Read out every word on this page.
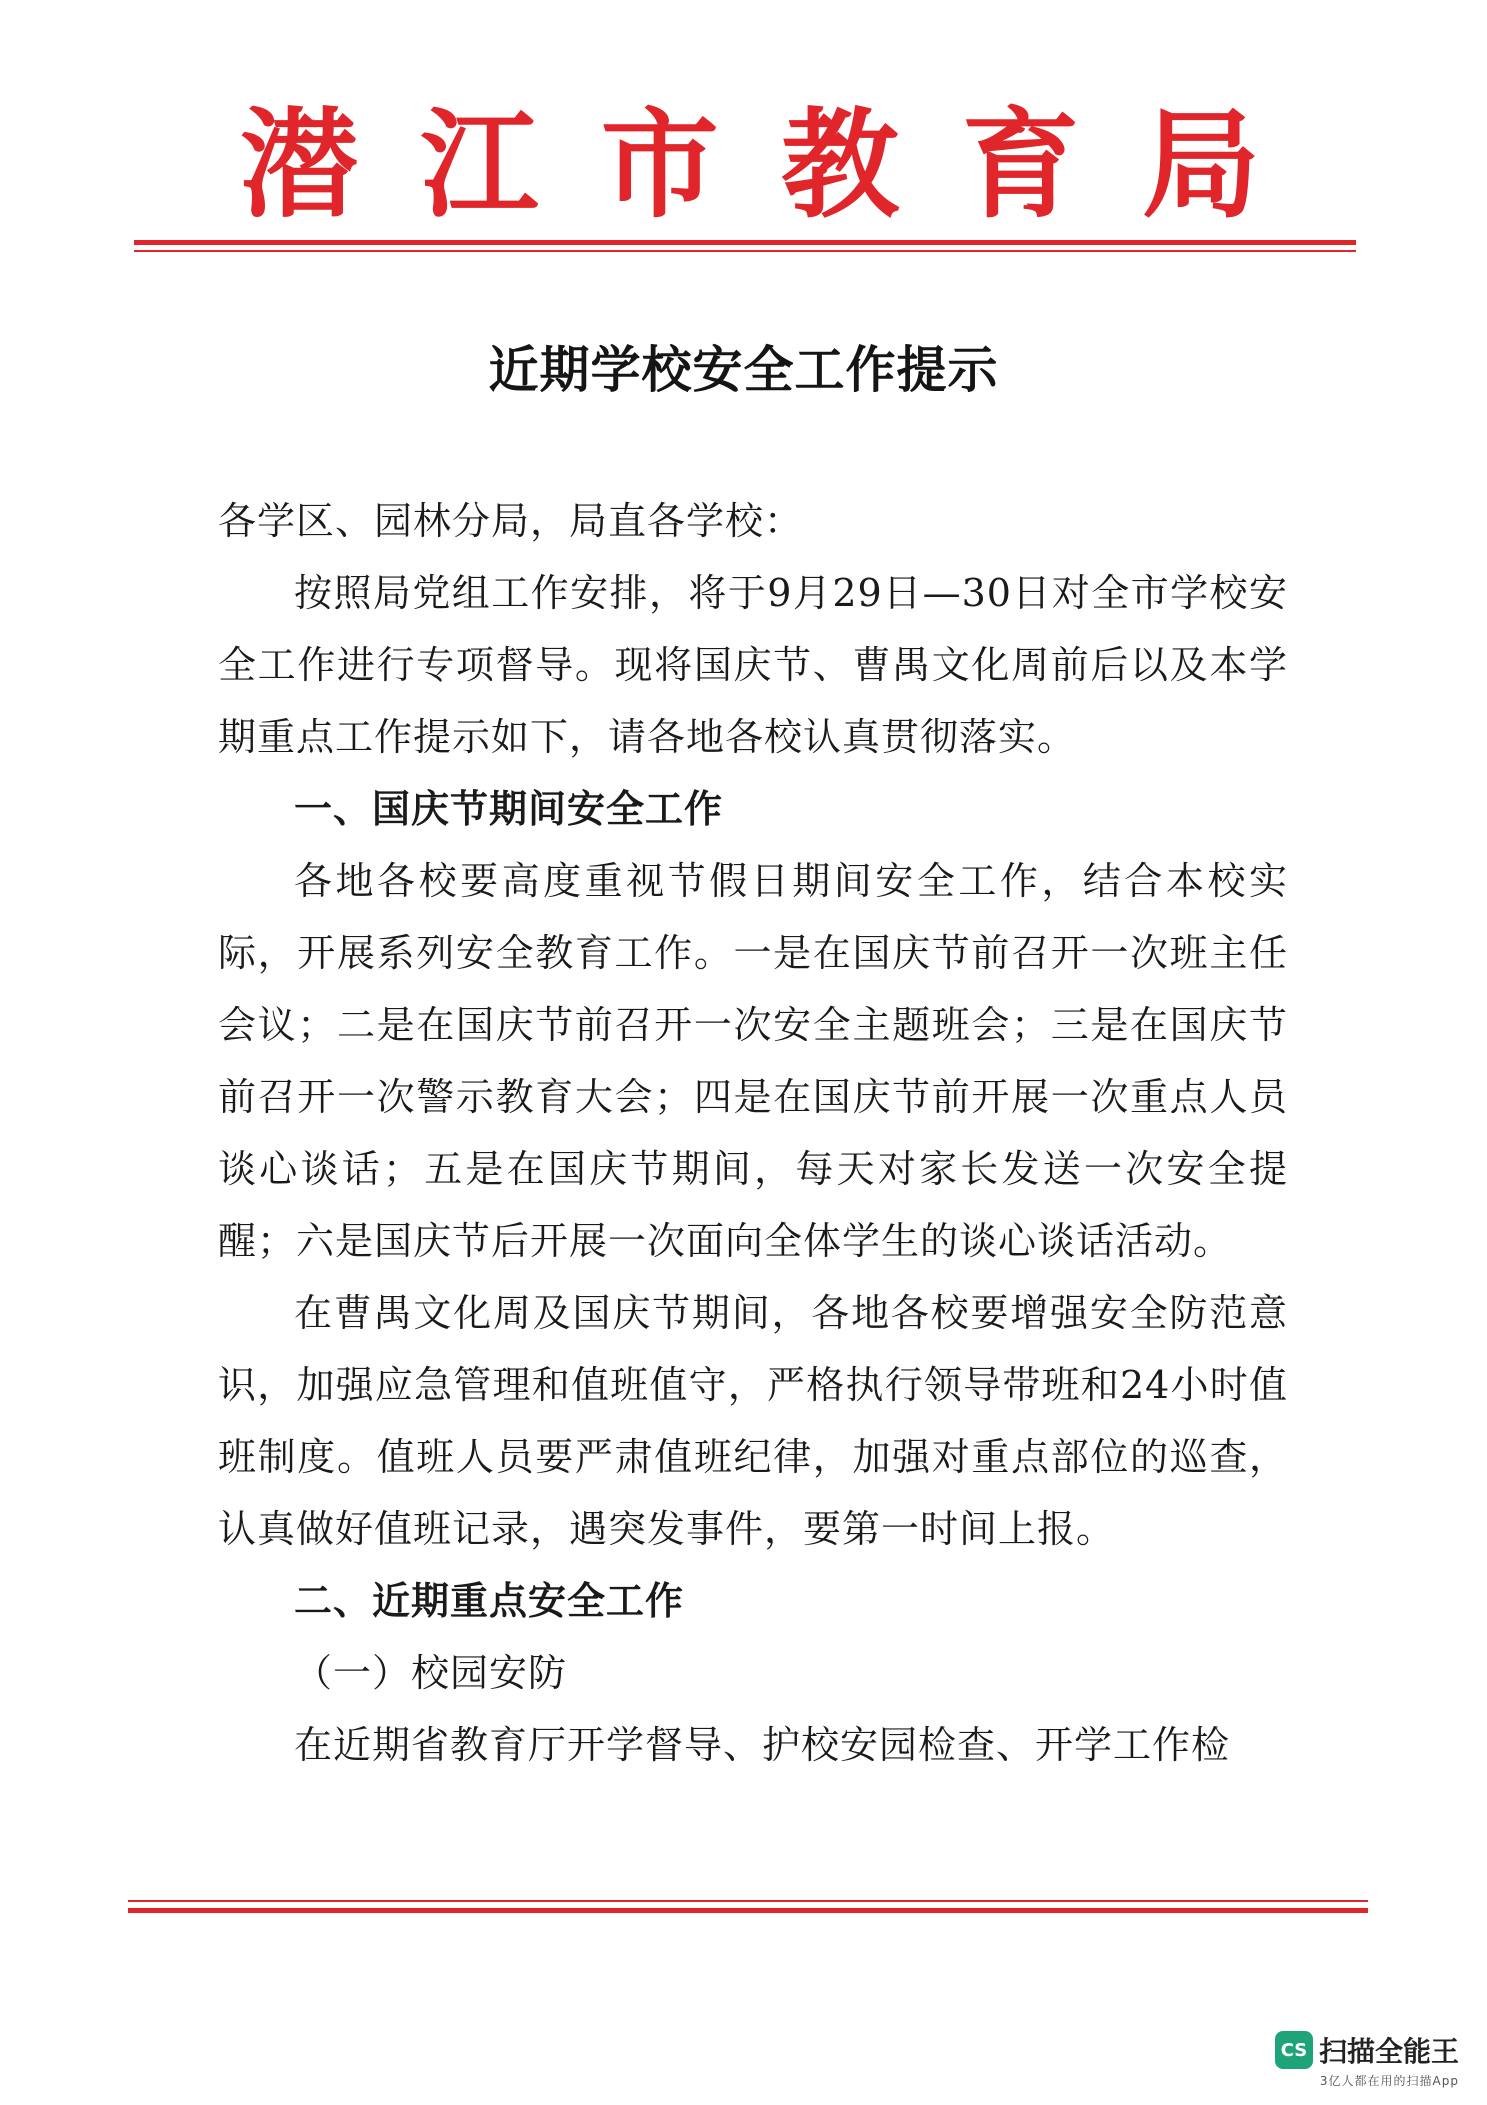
潜 江 市 教 育 局
近期学校安全工作提示

各学区、园林分局，局直各学校：

按照局党组工作安排，将于9月29日—30日对全市学校安全工作进行专项督导。现将国庆节、曹禺文化周前后以及本学期重点工作提示如下，请各地各校认真贯彻落实。

一、国庆节期间安全工作

各地各校要高度重视节假日期间安全工作，结合本校实际，开展系列安全教育工作。一是在国庆节前召开一次班主任会议；二是在国庆节前召开一次安全主题班会；三是在国庆节前召开一次警示教育大会；四是在国庆节前开展一次重点人员谈心谈话；五是在国庆节期间，每天对家长发送一次安全提醒；六是国庆节后开展一次面向全体学生的谈心谈话活动。

在曹禺文化周及国庆节期间，各地各校要增强安全防范意识，加强应急管理和值班值守，严格执行领导带班和24小时值班制度。值班人员要严肃值班纪律，加强对重点部位的巡查，认真做好值班记录，遇突发事件，要第一时间上报。

二、近期重点安全工作

（一）校园安防

在近期省教育厅开学督导、护校安园检查、开学工作检

CS 扫描全能王
3亿人都在用的扫描App
